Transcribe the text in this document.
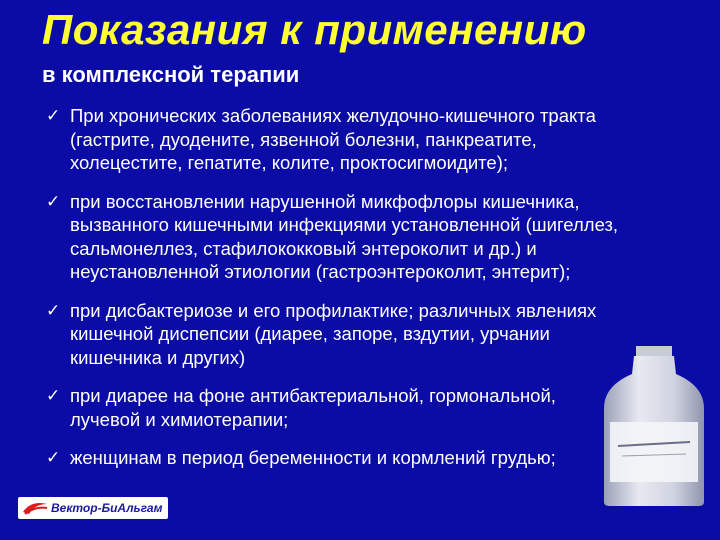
Показания к применению
в комплексной терапии
✓ При хронических заболеваниях желудочно-кишечного тракта
(гастрите, дуодените, язвенной болезни, панкреатите, холецестите, гепатите, колите, проктосигмоидите);
✓ при восстановлении нарушенной микфофлоры кишечника,
вызванного кишечными инфекциями установленной (шигеллез, сальмонеллез, стафилококковый энтероколит и др.) и неустановленной этиологии (гастроэнтероколит, энтерит);
✓ при дисбактериозе и его профилактике; различных явлениях
кишечной диспепсии (диарее, запоре, вздутии, урчании кишечника и других)
✓ при диарее на фоне антибактериальной, гормональной,
лучевой и химиотерапии;
✓ женщинам в период беременности и кормлений грудью;
Вектор-БиАльгам
